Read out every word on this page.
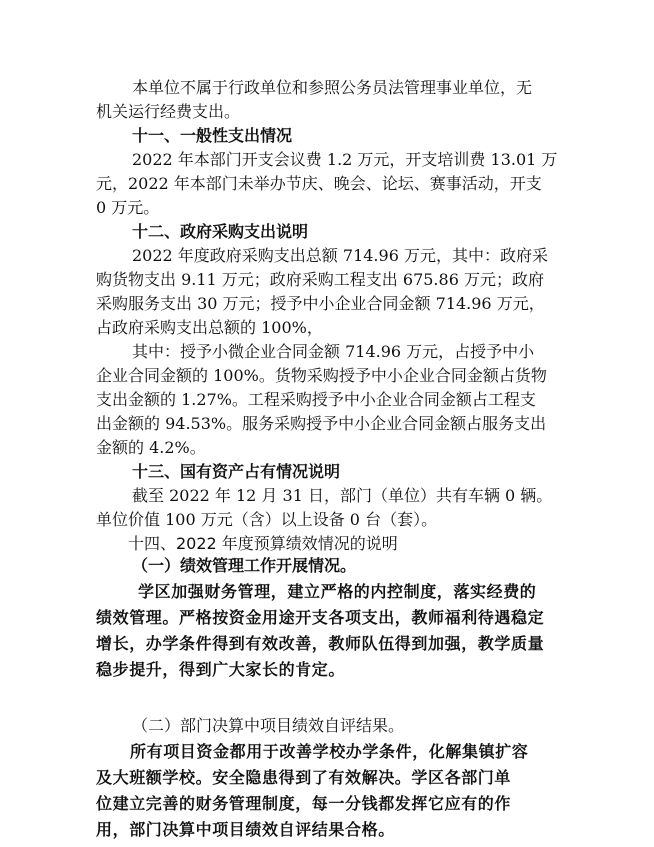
本单位不属于行政单位和参照公务员法管理事业单位，无
机关运行经费支出。
十一、一般性支出情况
2022 年本部门开支会议费 1.2 万元，开支培训费 13.01 万
元，2022 年本部门未举办节庆、晚会、论坛、赛事活动，开支
0 万元。
十二、政府采购支出说明
2022 年度政府采购支出总额 714.96 万元，其中：政府采
购货物支出 9.11 万元；政府采购工程支出 675.86 万元；政府
采购服务支出 30 万元；授予中小企业合同金额 714.96 万元，
占政府采购支出总额的 100%，
其中：授予小微企业合同金额 714.96 万元，占授予中小
企业合同金额的 100%。货物采购授予中小企业合同金额占货物
支出金额的 1.27%。工程采购授予中小企业合同金额占工程支
出金额的 94.53%。服务采购授予中小企业合同金额占服务支出
金额的 4.2%。
十三、国有资产占有情况说明
截至 2022 年 12 月 31 日，部门（单位）共有车辆 0 辆。
单位价值 100 万元（含）以上设备 0 台（套）。
十四、2022 年度预算绩效情况的说明
（一）绩效管理工作开展情况。
学区加强财务管理，建立严格的内控制度，落实经费的
绩效管理。严格按资金用途开支各项支出，教师福利待遇稳定
增长，办学条件得到有效改善，教师队伍得到加强，教学质量
稳步提升，得到广大家长的肯定。
（二）部门决算中项目绩效自评结果。
所有项目资金都用于改善学校办学条件，化解集镇扩容
及大班额学校。安全隐患得到了有效解决。学区各部门单
位建立完善的财务管理制度，每一分钱都发挥它应有的作
用，部门决算中项目绩效自评结果合格。
